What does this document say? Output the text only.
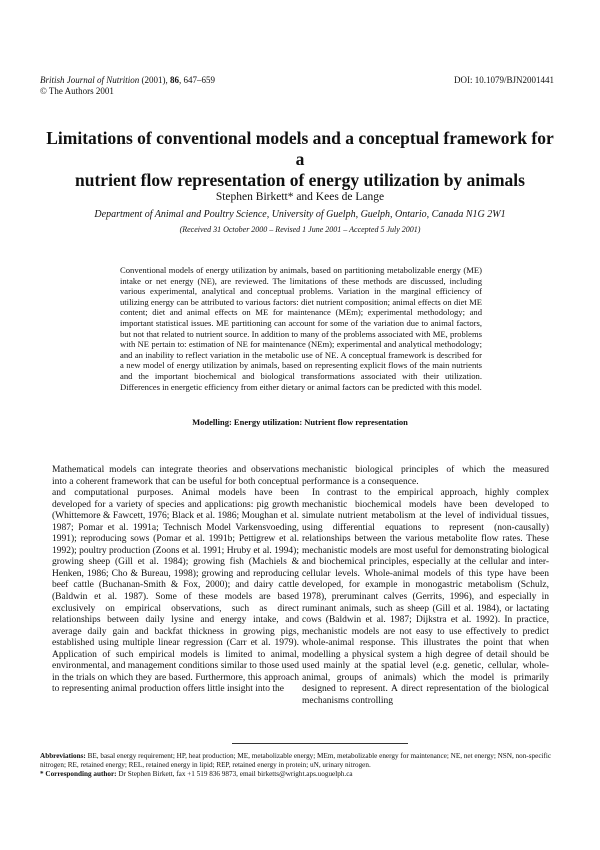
British Journal of Nutrition (2001), 86, 647–659
© The Authors 2001
DOI: 10.1079/BJN2001441
Limitations of conventional models and a conceptual framework for a
nutrient flow representation of energy utilization by animals
Stephen Birkett* and Kees de Lange
Department of Animal and Poultry Science, University of Guelph, Guelph, Ontario, Canada N1G 2W1
(Received 31 October 2000 – Revised 1 June 2001 – Accepted 5 July 2001)
Conventional models of energy utilization by animals, based on partitioning metabolizable energy (ME) intake or net energy (NE), are reviewed. The limitations of these methods are discussed, including various experimental, analytical and conceptual problems. Variation in the marginal efficiency of utilizing energy can be attributed to various factors: diet nutrient composition; animal effects on diet ME content; diet and animal effects on ME for maintenance (MEm); experimental methodology; and important statistical issues. ME partitioning can account for some of the variation due to animal factors, but not that related to nutrient source. In addition to many of the problems associated with ME, problems with NE pertain to: estimation of NE for maintenance (NEm); experimental and analytical methodology; and an inability to reflect variation in the metabolic use of NE. A conceptual framework is described for a new model of energy utilization by animals, based on representing explicit flows of the main nutrients and the important biochemical and biological transformations associated with their utilization. Differences in energetic efficiency from either dietary or animal factors can be predicted with this model.
Modelling: Energy utilization: Nutrient flow representation

Mathematical models can integrate theories and observations into a coherent framework that can be useful for both conceptual and computational purposes. Animal models have been developed for a variety of species and applications: pig growth (Whittemore & Fawcett, 1976; Black et al. 1986; Moughan et al. 1987; Pomar et al. 1991a; Technisch Model Varkensvoeding, 1991); reproducing sows (Pomar et al. 1991b; Pettigrew et al. 1992); poultry production (Zoons et al. 1991; Hruby et al. 1994); growing sheep (Gill et al. 1984); growing fish (Machiels & Henken, 1986; Cho & Bureau, 1998); growing and reproducing beef cattle (Buchanan-Smith & Fox, 2000); and dairy cattle (Baldwin et al. 1987). Some of these models are based exclusively on empirical observations, such as direct relationships between daily lysine and energy intake, and average daily gain and backfat thickness in growing pigs, established using multiple linear regression (Carr et al. 1979). Application of such empirical models is limited to animal, environmental, and management conditions similar to those used in the trials on which they are based. Furthermore, this approach to representing animal production offers little insight into the

mechanistic biological principles of which the measured performance is a consequence.

In contrast to the empirical approach, highly complex mechanistic biochemical models have been developed to simulate nutrient metabolism at the level of individual tissues, using differential equations to represent (non-causally) relationships between the various metabolite flow rates. These mechanistic models are most useful for demonstrating biological and biochemical principles, especially at the cellular and inter-cellular levels. Whole-animal models of this type have been developed, for example in monogastric metabolism (Schulz, 1978), preruminant calves (Gerrits, 1996), and especially in ruminant animals, such as sheep (Gill et al. 1984), or lactating cows (Baldwin et al. 1987; Dijkstra et al. 1992). In practice, mechanistic models are not easy to use effectively to predict whole-animal response. This illustrates the point that when modelling a physical system a high degree of detail should be used mainly at the spatial level (e.g. genetic, cellular, whole-animal, groups of animals) which the model is primarily designed to represent. A direct representation of the biological mechanisms controlling

Abbreviations: BE, basal energy requirement; HP, heat production; ME, metabolizable energy; MEm, metabolizable energy for maintenance; NE, net energy; NSN, non-specific nitrogen; RE, retained energy; REL, retained energy in lipid; REP, retained energy in protein; uN, urinary nitrogen.
* Corresponding author: Dr Stephen Birkett, fax +1 519 836 9873, email birketts@wright.aps.uoguelph.ca
